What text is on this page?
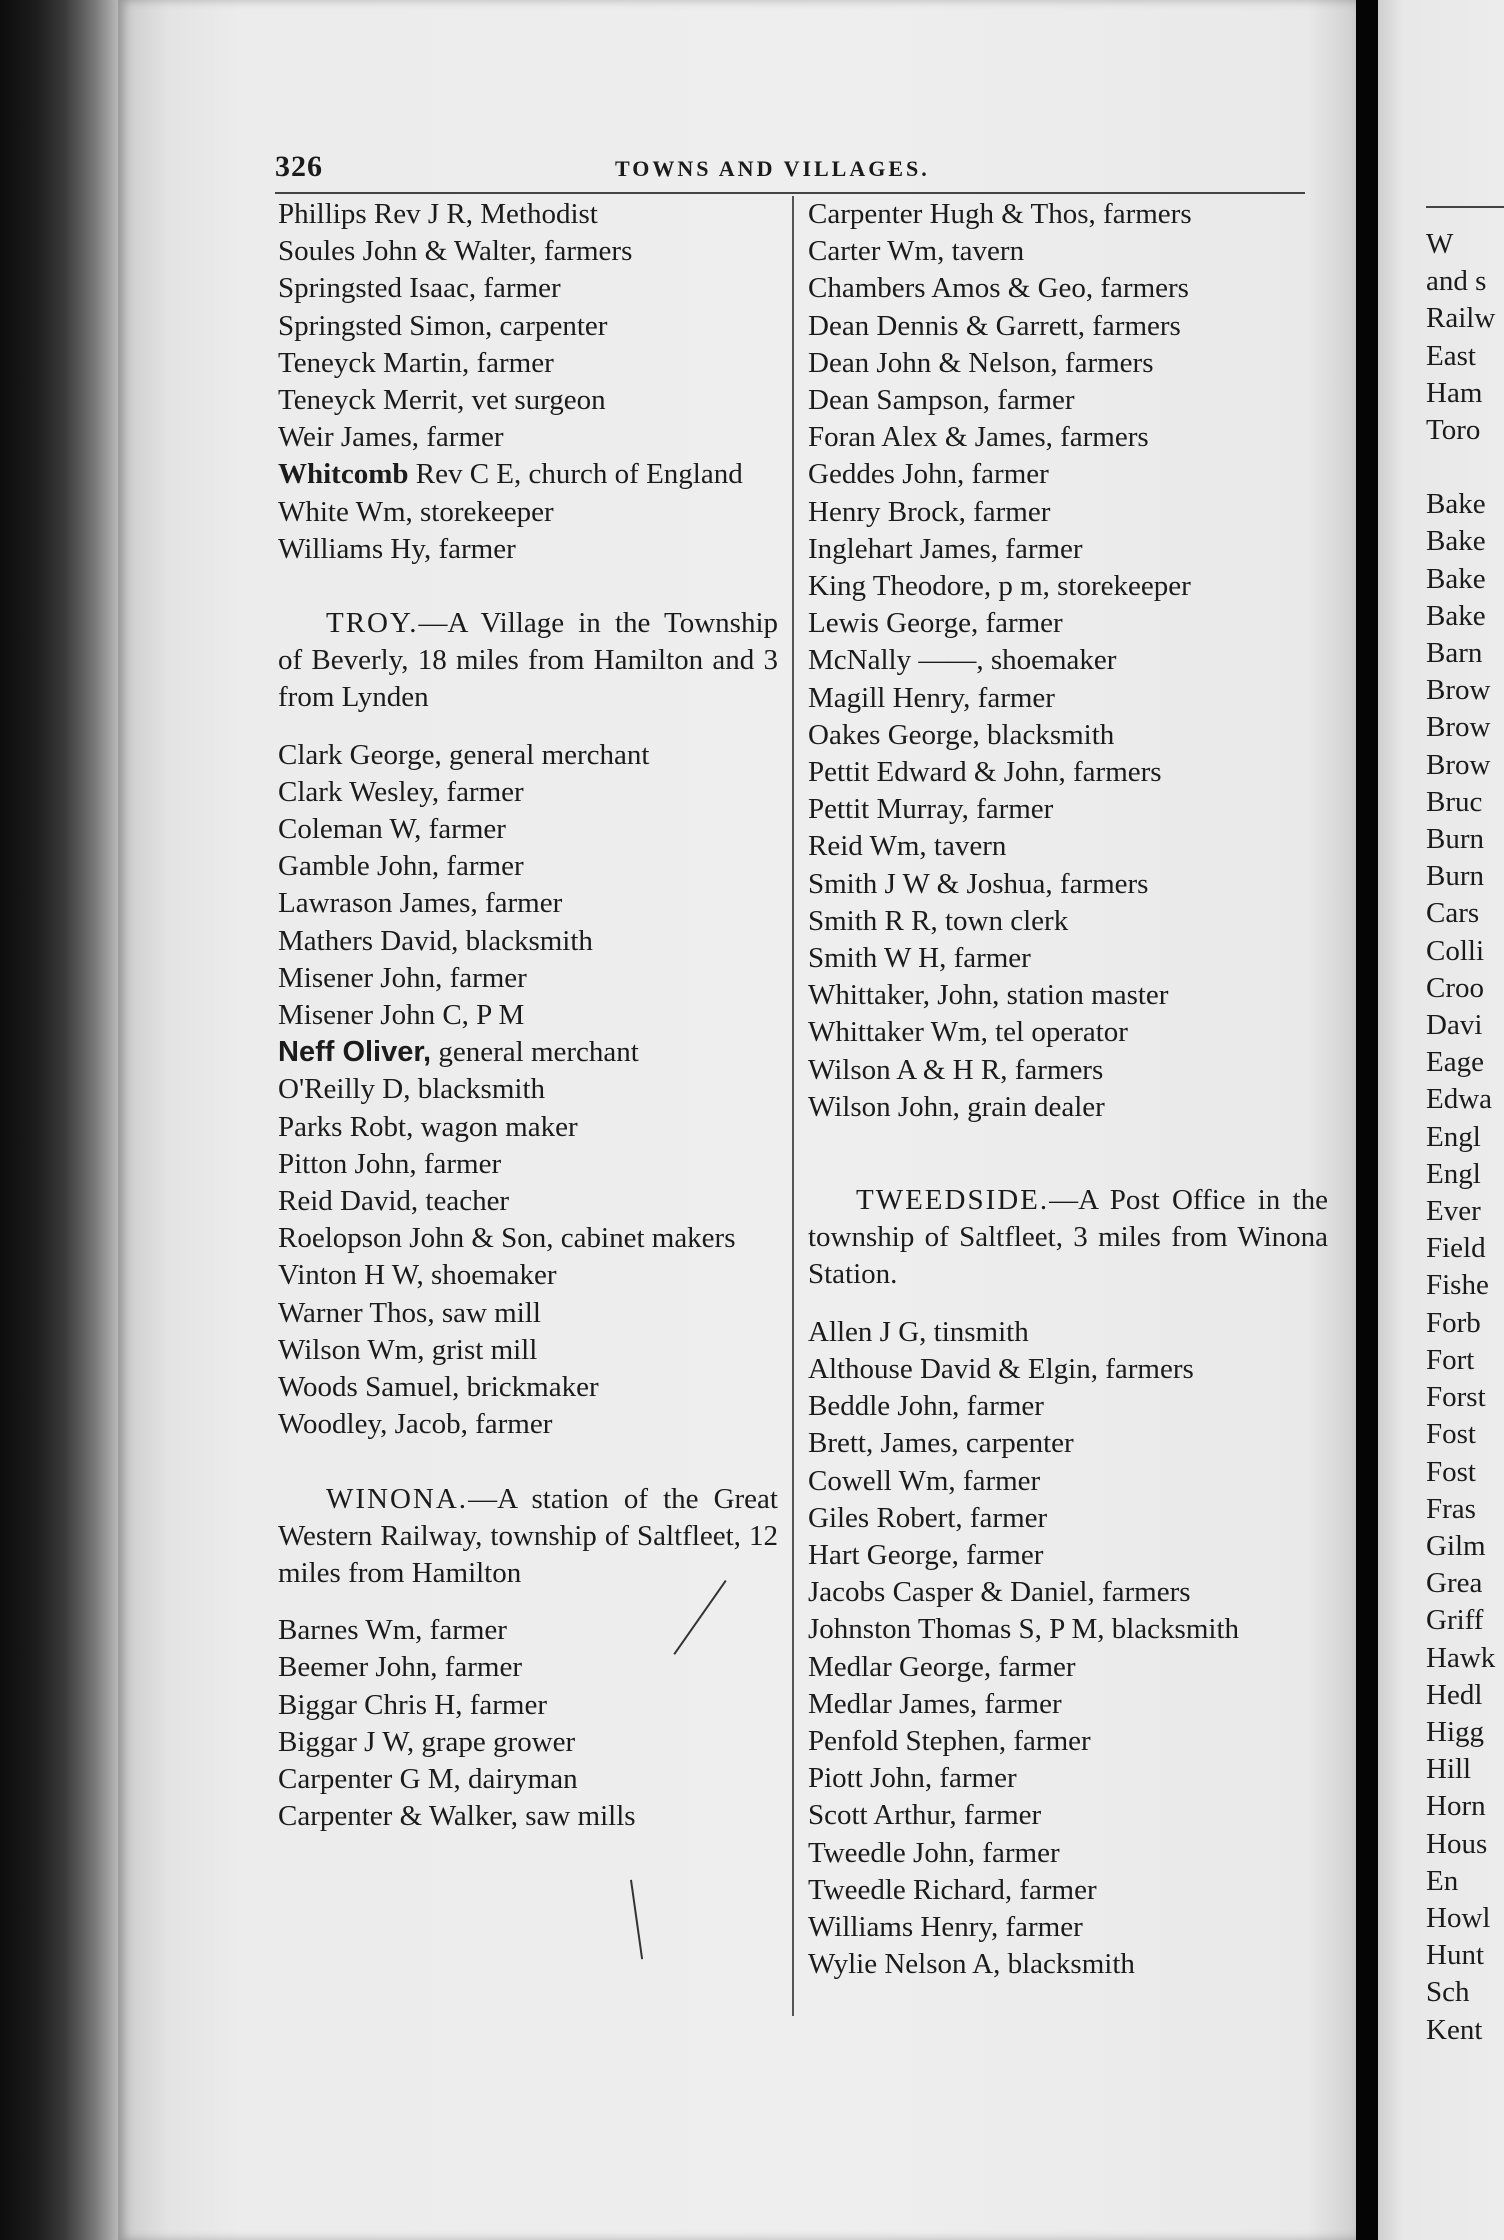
326	TOWNS AND VILLAGES.
Phillips Rev J R, Methodist
Soules John & Walter, farmers
Springsted Isaac, farmer
Springsted Simon, carpenter
Teneyck Martin, farmer
Teneyck Merrit, vet surgeon
Weir James, farmer
Whitcomb Rev C E, church of England
White Wm, storekeeper
Williams Hy, farmer
TROY.—A Village in the Township of Beverly, 18 miles from Hamilton and 3 from Lynden
Clark George, general merchant
Clark Wesley, farmer
Coleman W, farmer
Gamble John, farmer
Lawrason James, farmer
Mathers David, blacksmith
Misener John, farmer
Misener John C, P M
Neff Oliver, general merchant
O'Reilly D, blacksmith
Parks Robt, wagon maker
Pitton John, farmer
Reid David, teacher
Roelopson John & Son, cabinet makers
Vinton H W, shoemaker
Warner Thos, saw mill
Wilson Wm, grist mill
Woods Samuel, brickmaker
Woodley, Jacob, farmer
WINONA.—A station of the Great Western Railway, township of Saltfleet, 12 miles from Hamilton
Barnes Wm, farmer
Beemer John, farmer
Biggar Chris H, farmer
Biggar J W, grape grower
Carpenter G M, dairyman
Carpenter & Walker, saw mills
Carpenter Hugh & Thos, farmers
Carter Wm, tavern
Chambers Amos & Geo, farmers
Dean Dennis & Garrett, farmers
Dean John & Nelson, farmers
Dean Sampson, farmer
Foran Alex & James, farmers
Geddes John, farmer
Henry Brock, farmer
Inglehart James, farmer
King Theodore, p m, storekeeper
Lewis George, farmer
McNally ——, shoemaker
Magill Henry, farmer
Oakes George, blacksmith
Pettit Edward & John, farmers
Pettit Murray, farmer
Reid Wm, tavern
Smith J W & Joshua, farmers
Smith R R, town clerk
Smith W H, farmer
Whittaker, John, station master
Whittaker Wm, tel operator
Wilson A & H R, farmers
Wilson John, grain dealer
TWEEDSIDE.—A Post Office in the township of Saltfleet, 3 miles from Winona Station.
Allen J G, tinsmith
Althouse David & Elgin, farmers
Beddle John, farmer
Brett, James, carpenter
Cowell Wm, farmer
Giles Robert, farmer
Hart George, farmer
Jacobs Casper & Daniel, farmers
Johnston Thomas S, P M, blacksmith
Medlar George, farmer
Medlar James, farmer
Penfold Stephen, farmer
Piott John, farmer
Scott Arthur, farmer
Tweedle John, farmer
Tweedle Richard, farmer
Williams Henry, farmer
Wylie Nelson A, blacksmith
W
and s
Railw
East
Ham
Toro
Bake
Bake
Bake
Bake
Barn
Brow
Brow
Brow
Bruc
Burn
Burn
Cars
Colli
Croo
Davi
Eage
Edwa
Engl
Engl
Ever
Field
Fishe
Forb
Fort
Forst
Fost
Fost
Fras
Gilm
Grea
Griff
Hawk
Hedl
Higg
Hill
Horn
Hous
En
Howl
Hunt
Sch
Kent
